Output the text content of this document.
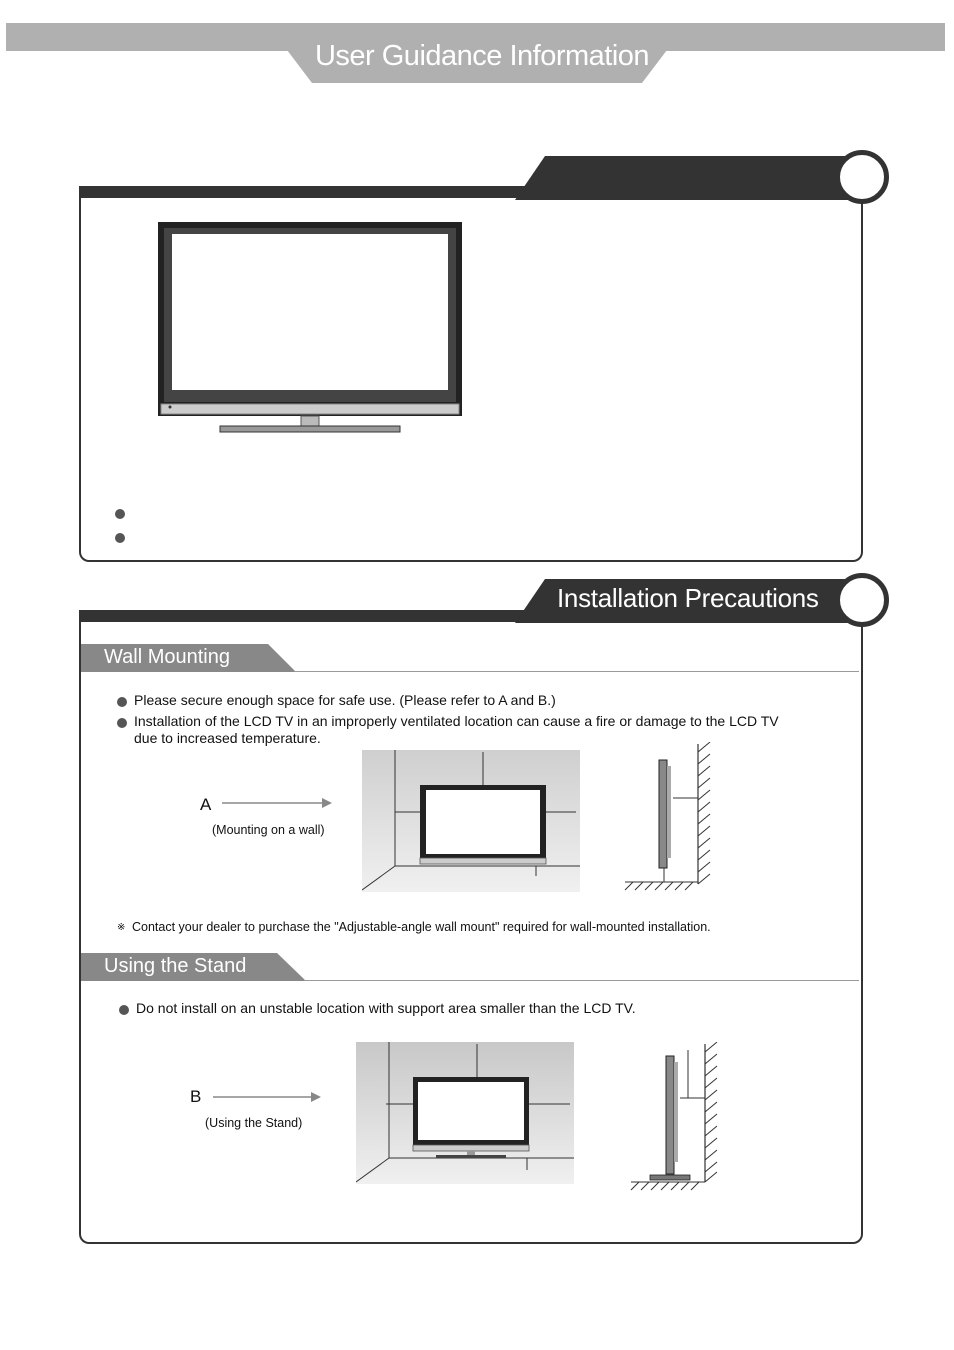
User Guidance Information
Installation Precautions
Wall Mounting
Please secure enough space for safe use. (Please refer to A and B.)
Installation of the LCD TV in an improperly ventilated location can cause a fire or damage to the LCD TV
due to increased temperature.
A
(Mounting on a wall)
※ Contact your dealer to purchase the "Adjustable-angle wall mount" required for wall-mounted installation.
Using the Stand
Do not install on an unstable location with support area smaller than the LCD TV.
B
(Using the Stand)
